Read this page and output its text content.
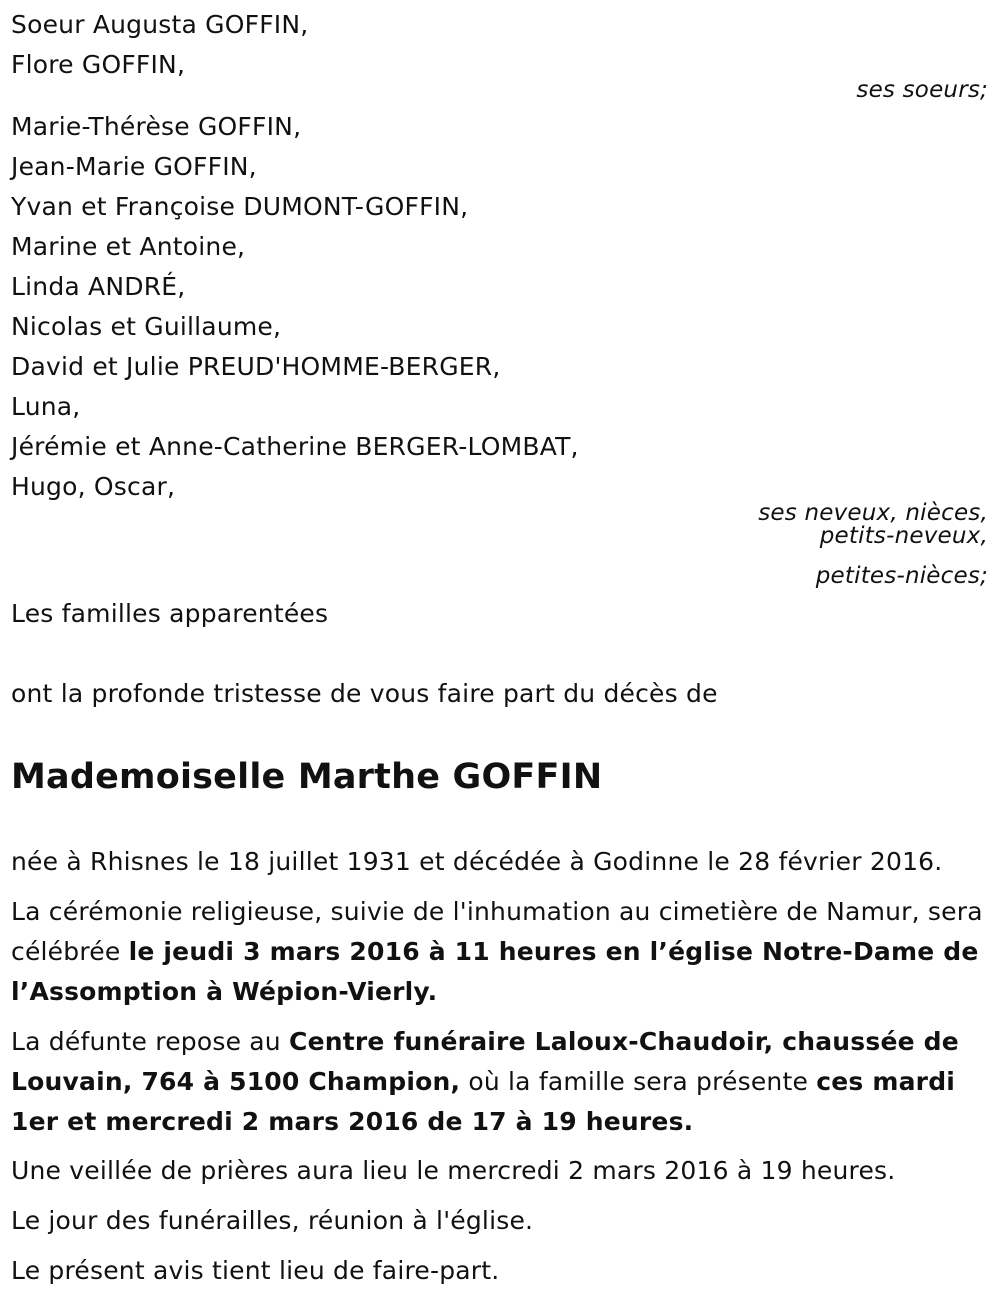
Soeur Augusta GOFFIN,
Flore GOFFIN,
ses soeurs;
Marie-Thérèse GOFFIN,
Jean-Marie GOFFIN,
Yvan et Françoise DUMONT-GOFFIN,
Marine et Antoine,
Linda ANDRÉ,
Nicolas et Guillaume,
David et Julie PREUD'HOMME-BERGER,
Luna,
Jérémie et Anne-Catherine BERGER-LOMBAT,
Hugo, Oscar,
ses neveux, nièces,
petits-neveux,
petites-nièces;
Les familles apparentées
ont la profonde tristesse de vous faire part du décès de
Mademoiselle Marthe GOFFIN
née à Rhisnes le 18 juillet 1931 et décédée à Godinne le 28 février 2016.
La cérémonie religieuse, suivie de l'inhumation au cimetière de Namur, sera célébrée le jeudi 3 mars 2016 à 11 heures en l’église Notre-Dame de l’Assomption à Wépion-Vierly.
La défunte repose au Centre funéraire Laloux-Chaudoir, chaussée de Louvain, 764 à 5100 Champion, où la famille sera présente ces mardi 1er et mercredi 2 mars 2016 de 17 à 19 heures.
Une veillée de prières aura lieu le mercredi 2 mars 2016 à 19 heures.
Le jour des funérailles, réunion à l'église.
Le présent avis tient lieu de faire-part.
